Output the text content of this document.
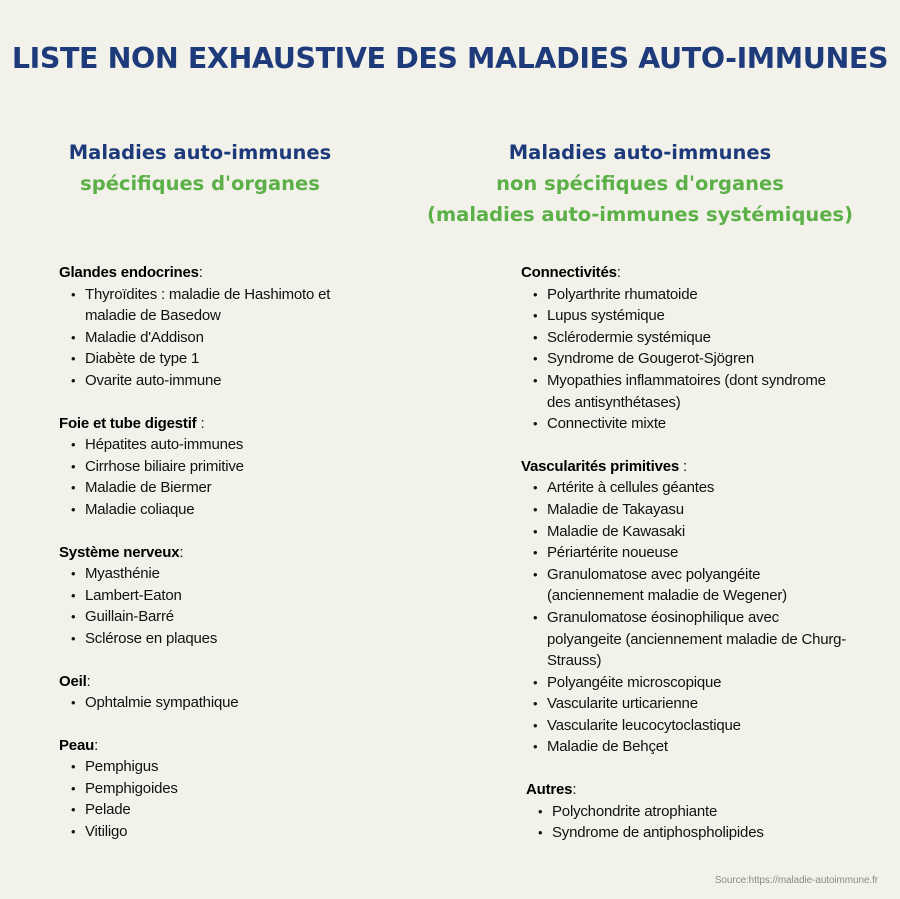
LISTE NON EXHAUSTIVE DES MALADIES AUTO-IMMUNES
Maladies auto-immunes
spécifiques d'organes
Maladies auto-immunes
non spécifiques d'organes
(maladies auto-immunes systémiques)
Glandes endocrines:
• Thyroïdites : maladie de Hashimoto et maladie de Basedow
• Maladie d'Addison
• Diabète de type 1
• Ovarite auto-immune
Foie et tube digestif :
• Hépatites auto-immunes
• Cirrhose biliaire primitive
• Maladie de Biermer
• Maladie coliaque
Système nerveux:
• Myasthénie
• Lambert-Eaton
• Guillain-Barré
• Sclérose en plaques
Oeil:
• Ophtalmie sympathique
Peau:
• Pemphigus
• Pemphigoides
• Pelade
• Vitiligo
Connectivités:
• Polyarthrite rhumatoide
• Lupus systémique
• Sclérodermie systémique
• Syndrome de Gougerot-Sjögren
• Myopathies inflammatoires (dont syndrome des antisynthétases)
• Connectivite mixte
Vascularités primitives :
• Artérite à cellules géantes
• Maladie de Takayasu
• Maladie de Kawasaki
• Périartérite noueuse
• Granulomatose avec polyangéite (anciennement maladie de Wegener)
• Granulomatose éosinophilique avec polyangeite (anciennement maladie de Churg-Strauss)
• Polyangéite microscopique
• Vascularite urticarienne
• Vascularite leucocytoclastique
• Maladie de Behçet
Autres:
• Polychondrite atrophiante
• Syndrome de antiphospholipides
Source:https://maladie-autoimmune.fr
